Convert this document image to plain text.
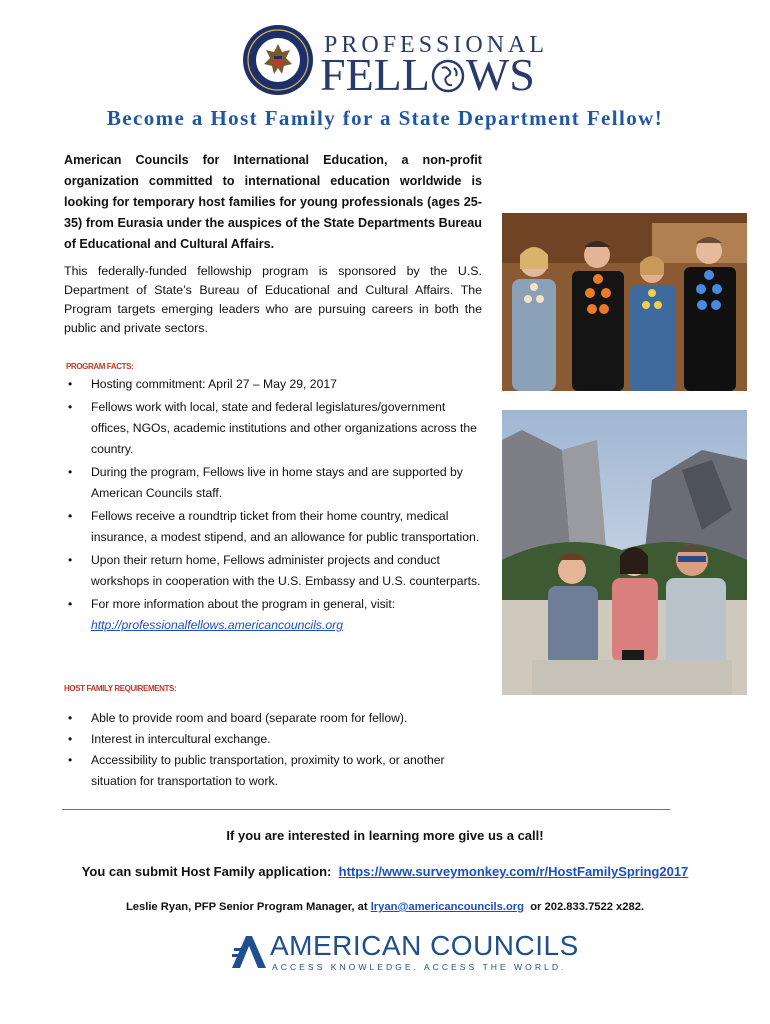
PROFESSIONAL
FELL WS
Become a Host Family for a State Department Fellow!
American Councils for International Education, a non-profit organization committed to international education worldwide is looking for temporary host families for young professionals (ages 25-35) from Eurasia under the auspices of the State Departments Bureau of Educational and Cultural Affairs.
This federally-funded fellowship program is sponsored by the U.S. Department of State’s Bureau of Educational and Cultural Affairs. The Program targets emerging leaders who are pursuing careers in both the public and private sectors.
PROGRAM FACTS:
• Hosting commitment: April 27 – May 29, 2017
• Fellows work with local, state and federal legislatures/government offices, NGOs, academic institutions and other organizations across the country.
• During the program, Fellows live in home stays and are supported by American Councils staff.
• Fellows receive a roundtrip ticket from their home country, medical insurance, a modest stipend, and an allowance for public transportation.
• Upon their return home, Fellows administer projects and conduct workshops in cooperation with the U.S. Embassy and U.S. counterparts.
• For more information about the program in general, visit:
http://professionalfellows.americancouncils.org
HOST FAMILY REQUIREMENTS:
• Able to provide room and board (separate room for fellow).
• Interest in intercultural exchange.
• Accessibility to public transportation, proximity to work, or another situation for transportation to work.
If you are interested in learning more give us a call!
You can submit Host Family application: https://www.surveymonkey.com/r/HostFamilySpring2017
Leslie Ryan, PFP Senior Program Manager, at lryan@americancouncils.org or 202.833.7522 x282.
AMERICAN COUNCILS
ACCESS KNOWLEDGE. ACCESS THE WORLD.
